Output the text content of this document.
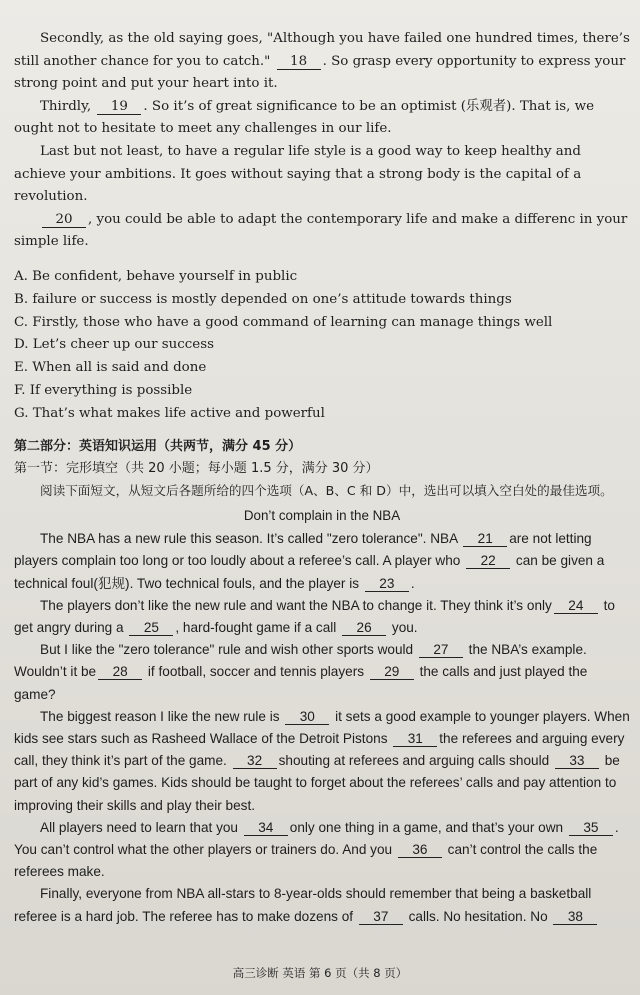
Secondly, as the old saying goes, "Although you have failed one hundred times, there’s still another chance for you to catch." 18 . So grasp every opportunity to express your strong point and put your heart into it.

Thirdly, 19 . So it’s of great significance to be an optimist (乐观者). That is, we ought not to hesitate to meet any challenges in our life.

Last but not least, to have a regular life style is a good way to keep healthy and achieve your ambitions. It goes without saying that a strong body is the capital of a revolution.

20 , you could be able to adapt the contemporary life and make a differenc in your simple life.

A. Be confident, behave yourself in public

B. failure or success is mostly depended on one’s attitude towards things

C. Firstly, those who have a good command of learning can manage things well

D. Let’s cheer up our success

E. When all is said and done

F. If everything is possible

G. That’s what makes life active and powerful

第二部分：英语知识运用（共两节，满分 45 分）

第一节：完形填空（共 20 小题；每小题 1.5 分，满分 30 分）

阅读下面短文，从短文后各题所给的四个选项（A、B、C 和 D）中，选出可以填入空白处的最佳选项。

Don’t complain in the NBA

The NBA has a new rule this season. It’s called "zero tolerance". NBA 21 are not letting players complain too long or too loudly about a referee’s call. A player who 22 can be given a technical foul(犯规). Two technical fouls, and the player is 23 .

The players don’t like the new rule and want the NBA to change it. They think it’s only 24 to get angry during a 25 , hard-fought game if a call 26 you.

But I like the "zero tolerance" rule and wish other sports would 27 the NBA’s example. Wouldn’t it be 28 if football, soccer and tennis players 29 the calls and just played the game?

The biggest reason I like the new rule is 30 it sets a good example to younger players. When kids see stars such as Rasheed Wallace of the Detroit Pistons 31 the referees and arguing every call, they think it’s part of the game. 32 shouting at referees and arguing calls should 33 be part of any kid’s games. Kids should be taught to forget about the referees’ calls and pay attention to improving their skills and play their best.

All players need to learn that you 34 only one thing in a game, and that’s your own 35 . You can’t control what the other players or trainers do. And you 36 can’t control the calls the referees make.

Finally, everyone from NBA all-stars to 8-year-olds should remember that being a basketball referee is a hard job. The referee has to make dozens of 37 calls. No hesitation. No 38

高三诊断 英语 第 6 页（共 8 页）
